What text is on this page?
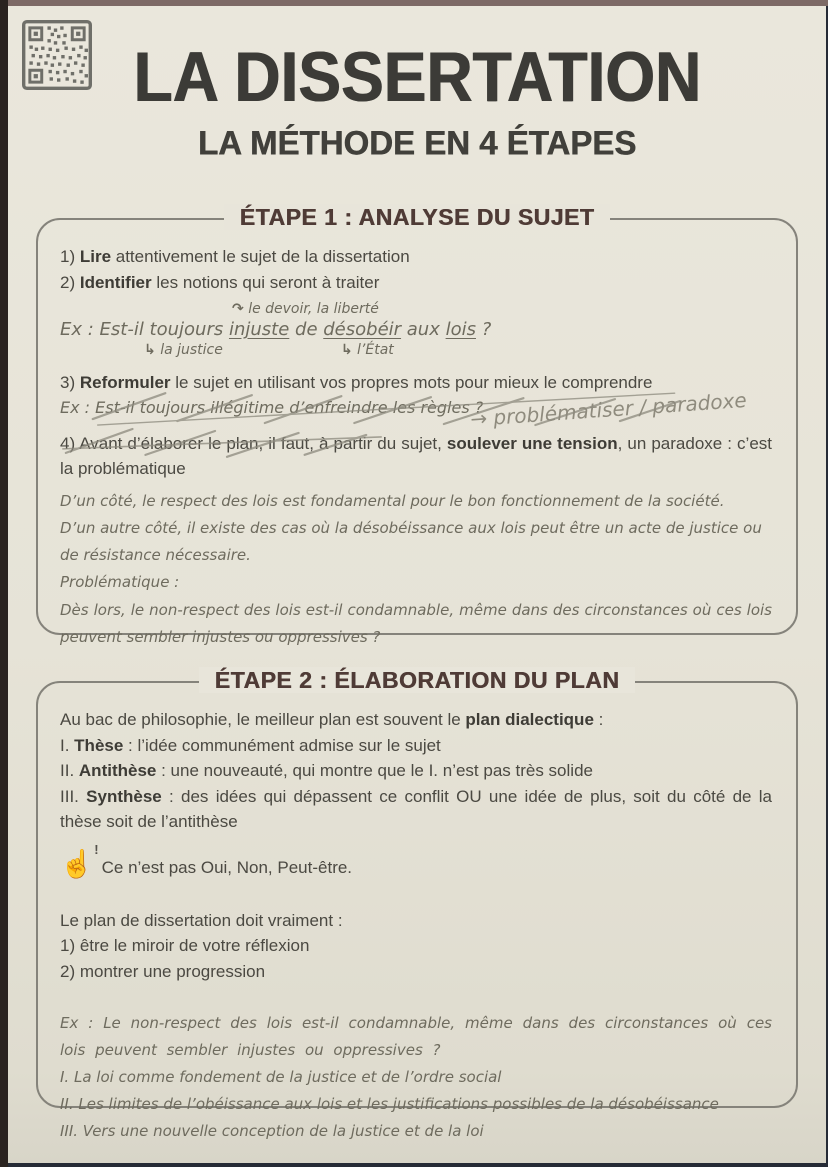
LA DISSERTATION
LA MÉTHODE EN 4 ÉTAPES
ÉTAPE 1 : ANALYSE DU SUJET

1) Lire attentivement le sujet de la dissertation

2) Identifier les notions qui seront à traiter

↷ le devoir, la liberté

Ex : Est-il toujours injuste de désobéir aux lois ?

↳ la justice	↳ l’État

3) Reformuler le sujet en utilisant vos propres mots pour mieux le comprendre

Ex : Est-il toujours illégitime d’enfreindre les règles ?

→ problématiser / paradoxe

4) Avant d’élaborer le plan, il faut, à partir du sujet, soulever une tension, un paradoxe : c’est la problématique

D’un côté, le respect des lois est fondamental pour le bon fonctionnement de la société.

D’un autre côté, il existe des cas où la désobéissance aux lois peut être un acte de justice ou de résistance nécessaire.

Problématique :

Dès lors, le non-respect des lois est-il condamnable, même dans des circonstances où ces lois peuvent sembler injustes ou oppressives ?

ÉTAPE 2 : ÉLABORATION DU PLAN

Au bac de philosophie, le meilleur plan est souvent le plan dialectique :

I. Thèse : l’idée communément admise sur le sujet

II. Antithèse : une nouveauté, qui montre que le I. n’est pas très solide

III. Synthèse : des idées qui dépassent ce conflit OU une idée de plus, soit du côté de la thèse soit de l’antithèse

☝ !
Ce n’est pas Oui, Non, Peut-être.

Le plan de dissertation doit vraiment :

1) être le miroir de votre réflexion

2) montrer une progression

Ex : Le non-respect des lois est-il condamnable, même dans des circonstances où ces lois peuvent sembler injustes ou oppressives ?

I. La loi comme fondement de la justice et de l’ordre social

II. Les limites de l’obéissance aux lois et les justifications possibles de la désobéissance

III. Vers une nouvelle conception de la justice et de la loi
